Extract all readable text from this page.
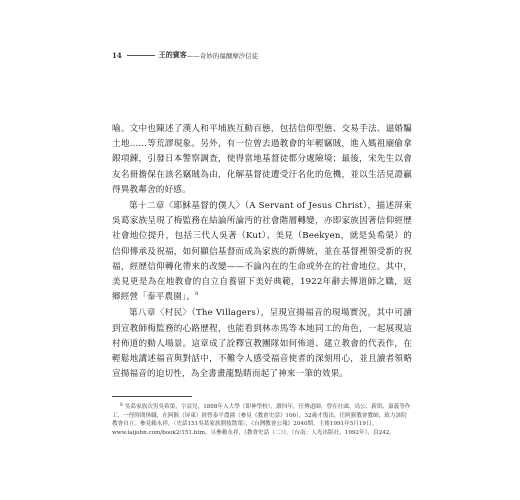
14	王的賓客 ——奇妙的福爾摩沙信徒

喻。文中也陳述了漢人和平埔族互動百態，包括信仰型態、交易手法、逼婚騙土地……等荒謬現象。另外，有一位曾去過教會的年輕竊賊，進入媽祖廟偷拿銀項鍊，引發日本警察調查，使得當地基督徒都分處險境；最後，宋先生以會友名冊擔保在該名竊賊為由，化解基督徒遭受汙名化的危機，並以生活見證贏得異教鄰舍的好感。

第十二章〈耶穌基督的僕人〉（A Servant of Jesus Christ），描述屏東吳葛家族呈現了梅監務在結論所論沔的社會階層轉變，亦即家族因著信仰經歷社會地位提升，包括三代人吳著（Kut）、美見（Beekyen，就是吳希榮）的信仰傳承及祝福，如何顯信基督而成為家族的新傳統，並在基督裡領受新的祝福，經歷信仰轉化帶來的改變——不論內在的生命或外在的社會地位。其中，美見更是為在地教會的自立自養留下美好典範，1922年辭去傳道師之職，返鄉經營「泰平農園」。$^8$

第八章〈村民〉（The Villagers），呈現宣揚福音的現場實況，其中可讀到宣教師梅監務的心路歷程，也能看到林赤馬等本地同工的角色，一起展現這村佈道的動人場景。這章成了詮釋宣教團隊如何佈道、建立教會的代表作，在輕鬆地講述福音與對話中，不難令人感受福音使者的深刻用心，並且讀者領略宣揚福音的迫切性，為全書畫龍點睛而起了神來一筆的效果。

$^8$ 吳葛家族次男吳希榮，字益兒，1898年入大學（即神學校），讀四年，任傳道師，曾在社頭、鳥公、新街、嘉義等作工，一徑時間休職，在阿猴（屏東）經營泰平農園（參見《教會史話》106），32歲才復出，任阿猴教會教師，致力該院教會自立。參見賴永祥，〈史話151吳葛家族開枝散葉〉，《台灣教會公報》2040期，主後1991年5月19日。www.laijohn.com/book2/151.htm。另參賴永祥，《教會史話（二）》，（台南：人光出版社，1992年），頁242。
